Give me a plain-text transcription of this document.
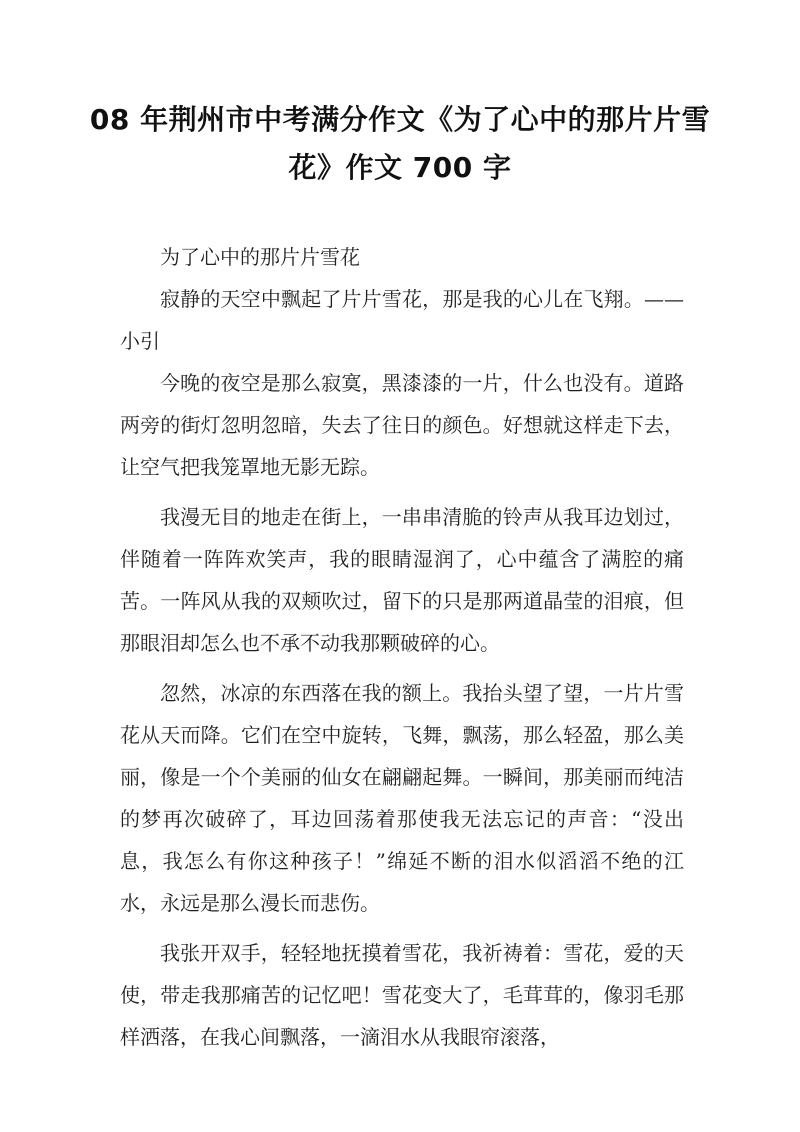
08 年荆州市中考满分作文《为了心中的那片片雪花》作文 700 字

为了心中的那片片雪花

寂静的天空中飘起了片片雪花，那是我的心儿在飞翔。——小引

今晚的夜空是那么寂寞，黑漆漆的一片，什么也没有。道路两旁的街灯忽明忽暗，失去了往日的颜色。好想就这样走下去，让空气把我笼罩地无影无踪。

我漫无目的地走在街上，一串串清脆的铃声从我耳边划过，伴随着一阵阵欢笑声，我的眼睛湿润了，心中蕴含了满腔的痛苦。一阵风从我的双颊吹过，留下的只是那两道晶莹的泪痕，但那眼泪却怎么也不承不动我那颗破碎的心。

忽然，冰凉的东西落在我的额上。我抬头望了望，一片片雪花从天而降。它们在空中旋转，飞舞，飘荡，那么轻盈，那么美丽，像是一个个美丽的仙女在翩翩起舞。一瞬间，那美丽而纯洁的梦再次破碎了，耳边回荡着那使我无法忘记的声音：“没出息，我怎么有你这种孩子！”绵延不断的泪水似滔滔不绝的江水，永远是那么漫长而悲伤。

我张开双手，轻轻地抚摸着雪花，我祈祷着：雪花，爱的天使，带走我那痛苦的记忆吧！雪花变大了，毛茸茸的，像羽毛那样洒落，在我心间飘落，一滴泪水从我眼帘滚落，
